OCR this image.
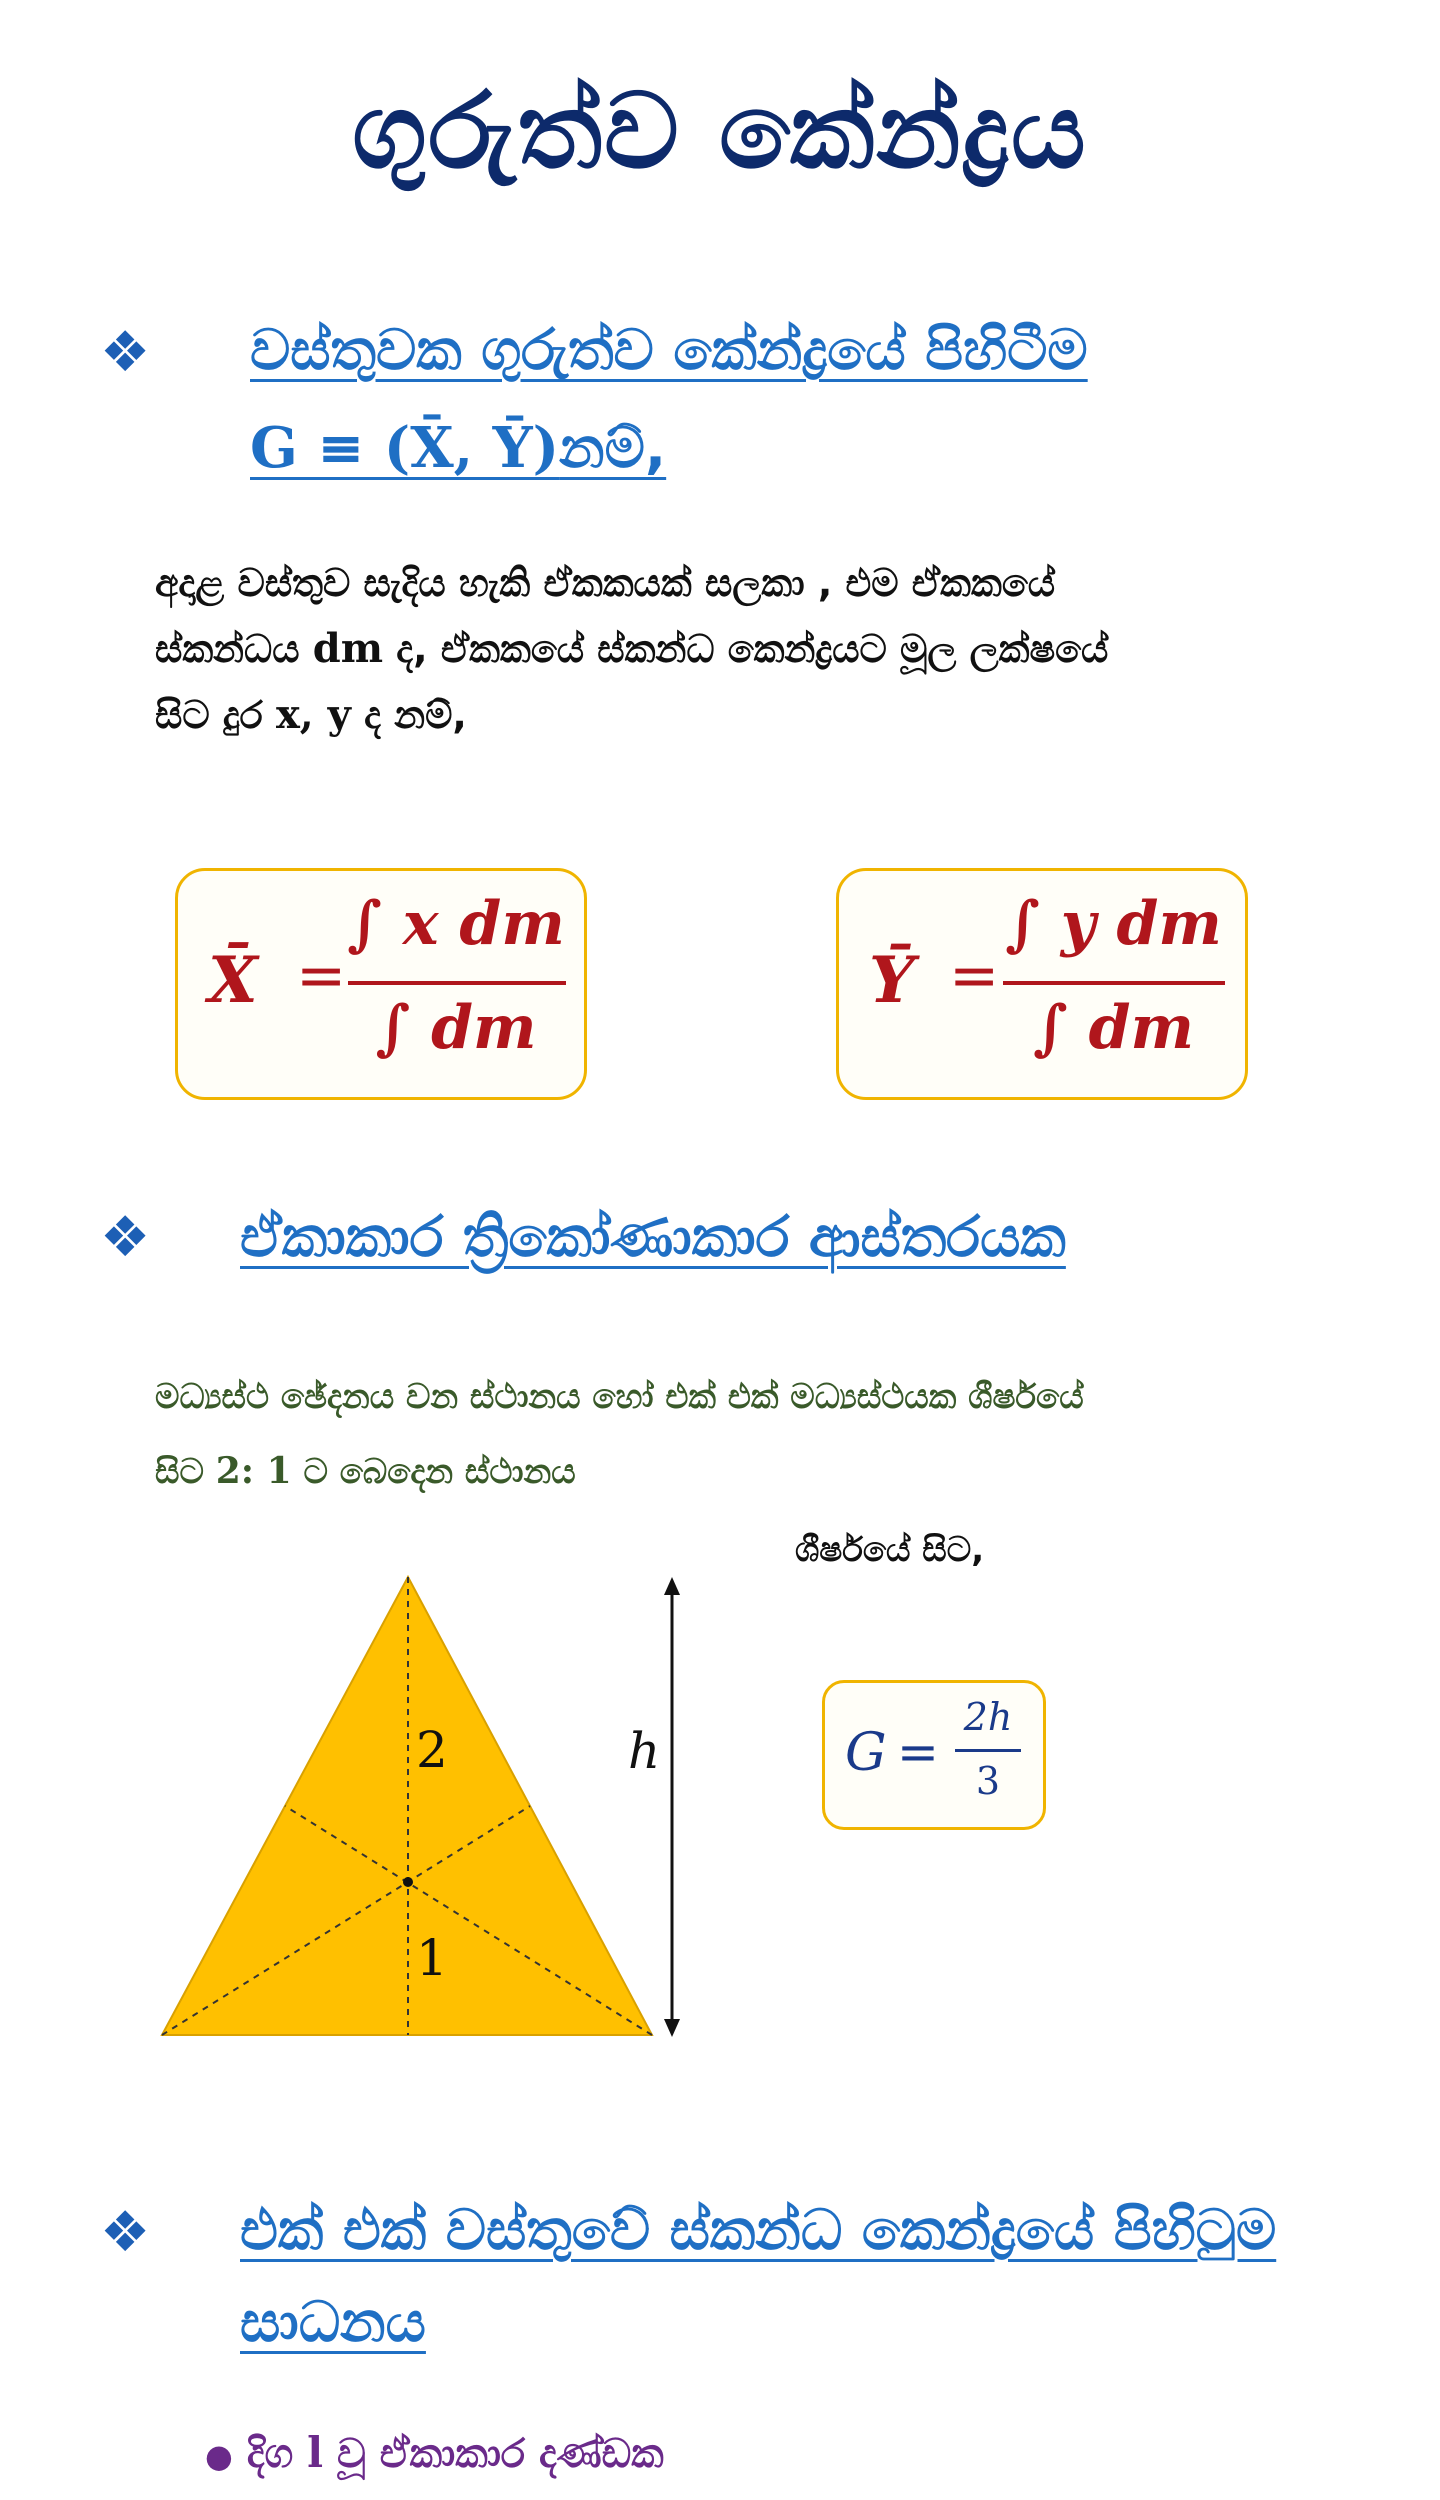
ගුරුත්ව කේන්ද්‍රය
❖ වස්තුවක ගුරුත්ව කේන්ද්‍රයේ පිහිටීම
G ≡ (X̄, Ȳ)නම්,
අදාළ වස්තුව සැදිය හැකි ඒකකයක් සලකා , එම ඒකකයේ
ස්කන්ධය dm ද, ඒකකයේ ස්කන්ධ කෙන්ද්‍රයට මූල ලක්ෂයේ
සිට දුර x, y ද නම්,
X̄ =
∫ x dm
∫ dm
Ȳ =
∫ y dm
∫ dm
❖ ඒකාකාර ත්‍රිකෝණාකාර ආස්තරයක
මධ්‍යස්ථ ඡේදනය වන ස්ථානය හෝ එක් එක් මධ්‍යස්ථයක ශීර්ෂයේ
සිට 2: 1 ට බෙදෙන ස්ථානය
ශීර්ෂයේ සිට,
2
1
h	G =
2h
3
❖ එක් එක් වස්තුවේ ස්කන්ධ කෙන්ද්‍රයේ පිහිටුම
සාධනය
● දිග l වූ ඒකාකාර දණ්ඩක
